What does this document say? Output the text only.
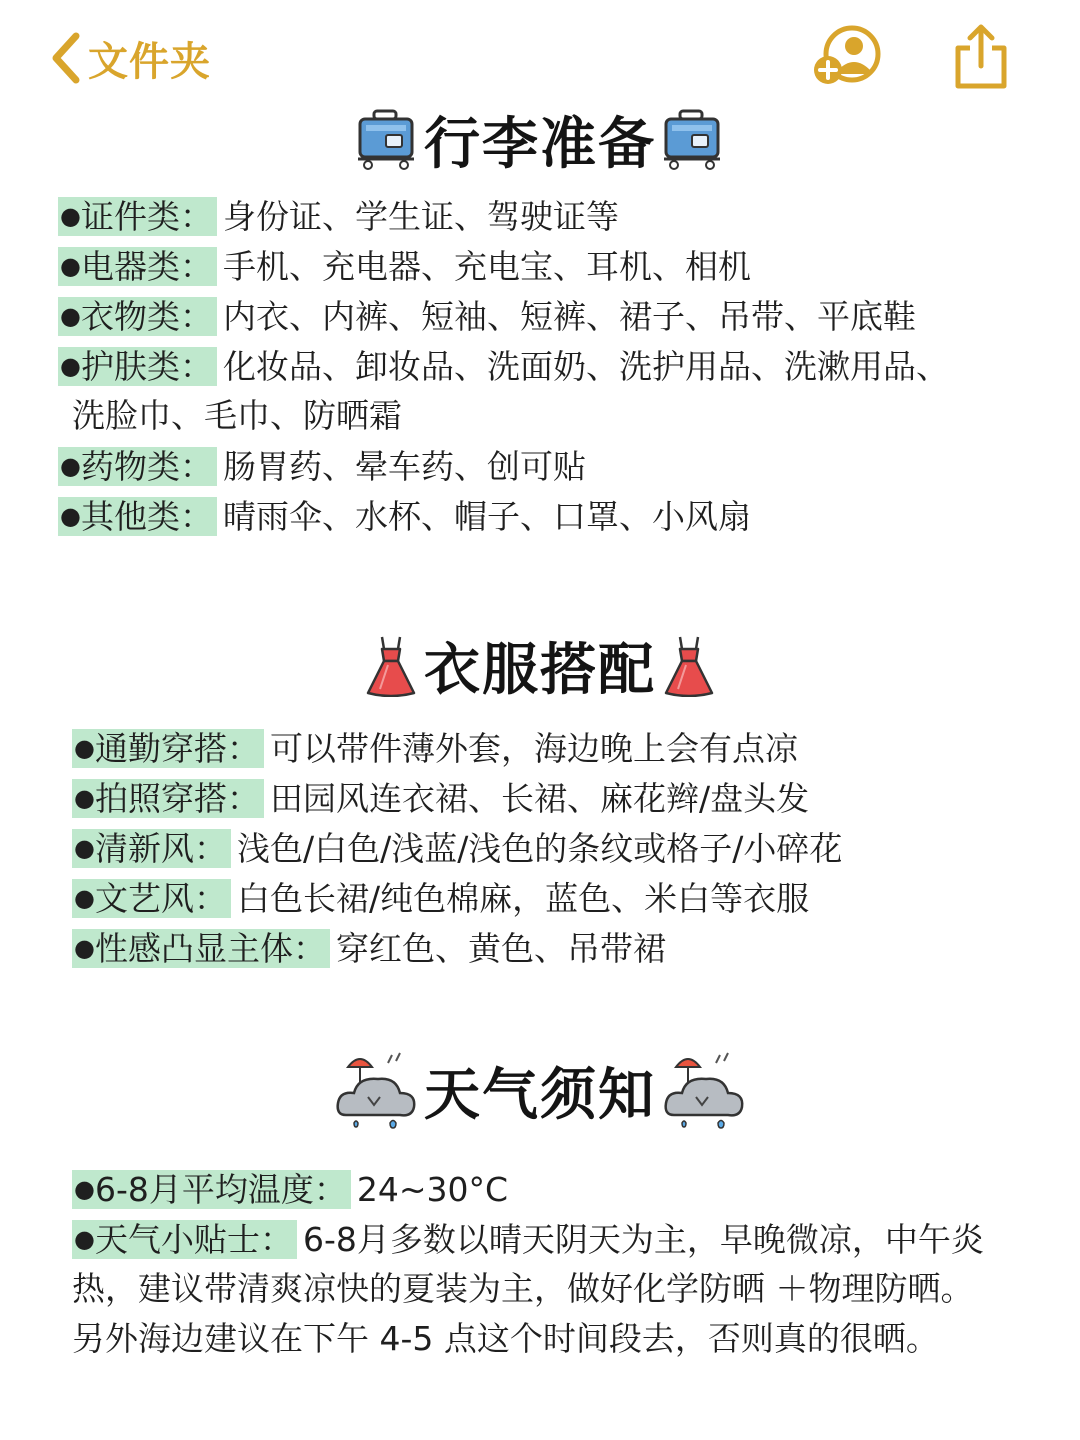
文件夹
行李准备
●证件类： 身份证、学生证、驾驶证等
●电器类： 手机、充电器、充电宝、耳机、相机
●衣物类： 内衣、内裤、短袖、短裤、裙子、吊带、平底鞋
●护肤类： 化妆品、卸妆品、洗面奶、洗护用品、洗漱用品、
洗脸巾、毛巾、防晒霜
●药物类： 肠胃药、晕车药、创可贴
●其他类： 晴雨伞、水杯、帽子、口罩、小风扇
衣服搭配
●通勤穿搭： 可以带件薄外套，海边晚上会有点凉
●拍照穿搭： 田园风连衣裙、长裙、麻花辫/盘头发
●清新风： 浅色/白色/浅蓝/浅色的条纹或格子/小碎花
●文艺风： 白色长裙/纯色棉麻，蓝色、米白等衣服
●性感凸显主体： 穿红色、黄色、吊带裙
天气须知
●6-8月平均温度： 24~30°C
●天气小贴士： 6-8月多数以晴天阴天为主，早晚微凉，中午炎
热，建议带清爽凉快的夏装为主，做好化学防晒 ＋物理防晒。
另外海边建议在下午 4-5 点这个时间段去，否则真的很晒。
